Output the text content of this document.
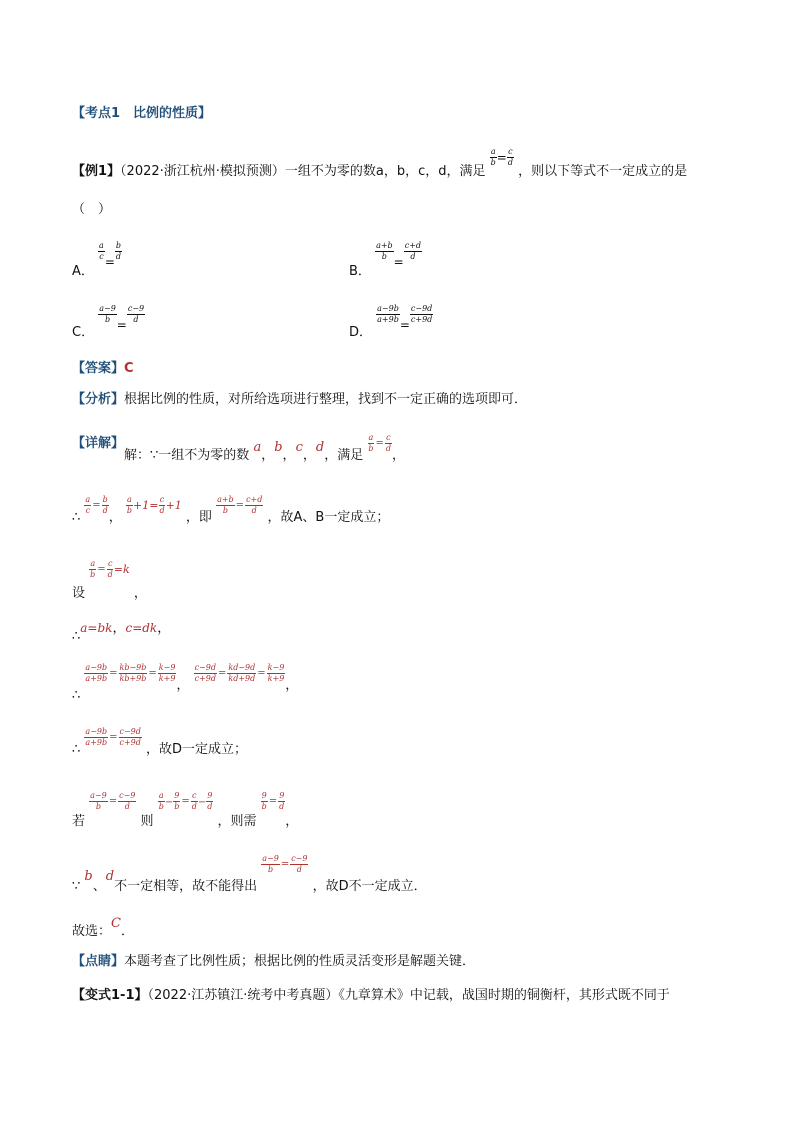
【考点1　比例的性质】
【例1】（2022·浙江杭州·模拟预测）一组不为零的数a，b，c，d，满足
$\frac{a}{b} = \frac{c}{d}$
，则以下等式不一定成立的是
（　）
A．
$\frac{a}{c}$
=
$\frac{b}{d}$
B．
$\frac{a+b}{b}$
=
$\frac{c+d}{d}$
C．
$\frac{a-9}{b}$
=
$\frac{c-9}{d}$
D．
$\frac{a-9b}{a+9b}$
=
$\frac{c-9d}{c+9d}$
【答案】C
【分析】根据比例的性质，对所给选项进行整理，找到不一定正确的选项即可．
【详解】解：∵一组不为零的数 a，b，c，d，满足
$\frac{a}{b} = \frac{c}{d}$
，
∴
$\frac{a}{c} = \frac{b}{d}$
，
$\frac{a}{b} +1= \frac{c}{d} +1$ ，即
$\frac{a+b}{b} = \frac{c+d}{d}$
，故A、B一定成立；
设
$\frac{a}{b} = \frac{c}{d} =k$ ，
∴a=bk，c=dk，
∴
$\frac{a-9b}{a+9b} = \frac{kb-9b}{kb+9b} = \frac{k-9}{k+9}$
，
$\frac{c-9d}{c+9d} = \frac{kd-9d}{kd+9d} = \frac{k-9}{k+9}$
，
∴
$\frac{a-9b}{a+9b} = \frac{c-9d}{c+9d}$
，故D一定成立；
若
$\frac{a-9}{b} = \frac{c-9}{d}$
则
$\frac{a}{b} - \frac{9}{b} = \frac{c}{d} - \frac{9}{d}$
，则需
$\frac{9}{b} = \frac{9}{d}$
，
∵ b、d不一定相等，故不能得出
$\frac{a-9}{b} = \frac{c-9}{d}$
，故D不一定成立．
故选：C．
【点睛】本题考查了比例性质；根据比例的性质灵活变形是解题关键．
【变式1-1】（2022·江苏镇江·统考中考真题）《九章算术》中记载，战国时期的铜衡杆，其形式既不同于
